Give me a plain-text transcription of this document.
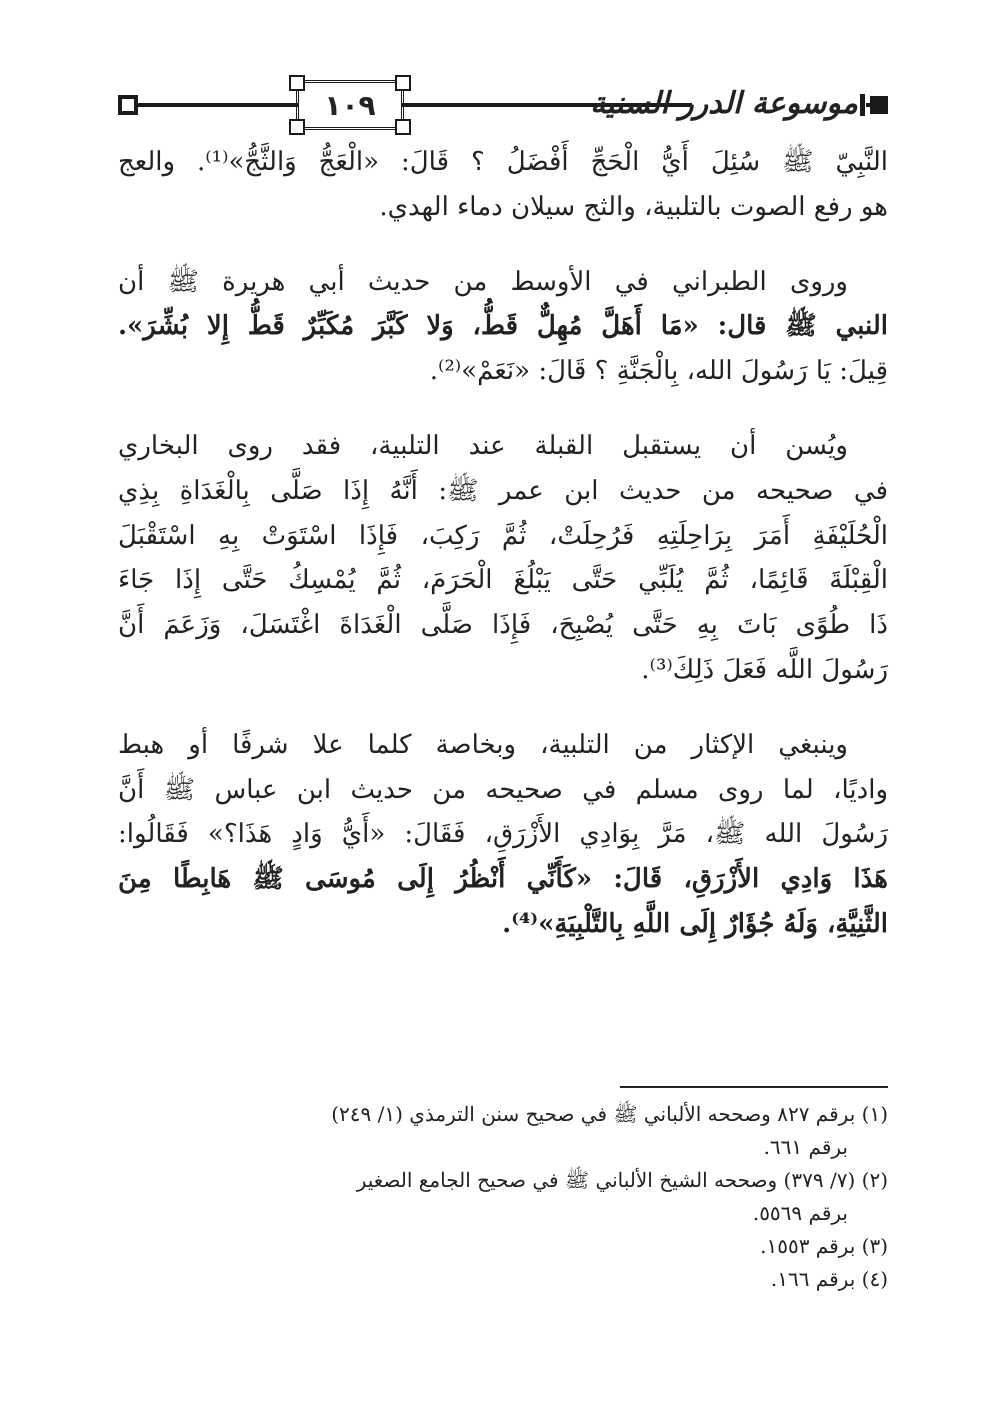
١٠٩	موسوعة الدرر السنية
النَّبِيّ ﷺ سُئِلَ أَيُّ الْحَجِّ أَفْضَلُ ؟ قَالَ: «الْعَجُّ وَالثَّجُّ»⁽¹⁾. والعج
هو رفع الصوت بالتلبية، والثج سيلان دماء الهدي.
وروى الطبراني في الأوسط من حديث أبي هريرة ﷺ أن
النبي ﷺ قال: «مَا أَهَلَّ مُهِلٌّ قَطُّ، وَلا كَبَّرَ مُكَبِّرٌ قَطُّ إِلا بُشِّرَ».
قِيلَ: يَا رَسُولَ الله، بِالْجَنَّةِ ؟ قَالَ: «نَعَمْ»⁽²⁾.
ويُسن أن يستقبل القبلة عند التلبية، فقد روى البخاري
في صحيحه من حديث ابن عمر ﷺ: أَنَّهُ إِذَا صَلَّى بِالْغَدَاةِ بِذِي
الْحُلَيْفَةِ أَمَرَ بِرَاحِلَتِهِ فَرُحِلَتْ، ثُمَّ رَكِبَ، فَإِذَا اسْتَوَتْ بِهِ اسْتَقْبَلَ
الْقِبْلَةَ قَائِمًا، ثُمَّ يُلَبِّي حَتَّى يَبْلُغَ الْحَرَمَ، ثُمَّ يُمْسِكُ حَتَّى إِذَا جَاءَ
ذَا طُوًى بَاتَ بِهِ حَتَّى يُصْبِحَ، فَإِذَا صَلَّى الْغَدَاةَ اغْتَسَلَ، وَزَعَمَ أَنَّ
رَسُولَ اللَّه فَعَلَ ذَلِكَ⁽³⁾.
وينبغي الإكثار من التلبية، وبخاصة كلما علا شرفًا أو هبط
واديًا، لما روى مسلم في صحيحه من حديث ابن عباس ﷺ أَنَّ
رَسُولَ الله ﷺ، مَرَّ بِوَادِي الأَزْرَقِ، فَقَالَ: «أَيُّ وَادٍ هَذَا؟» فَقَالُوا:
هَذَا وَادِي الأَزْرَقِ، قَالَ: «كَأَنِّي أَنْظُرُ إِلَى مُوسَى ﷺ هَابِطًا مِنَ
الثَّنِيَّةِ، وَلَهُ جُؤَارٌ إِلَى اللَّهِ بِالتَّلْبِيَةِ»⁽⁴⁾.
(١) برقم ٨٢٧ وصححه الألباني ﷺ في صحيح سنن الترمذي (١/ ٢٤٩)
برقم ٦٦١.
(٢) (٧/ ٣٧٩) وصححه الشيخ الألباني ﷺ في صحيح الجامع الصغير
برقم ٥٥٦٩.
(٣) برقم ١٥٥٣.
(٤) برقم ١٦٦.
